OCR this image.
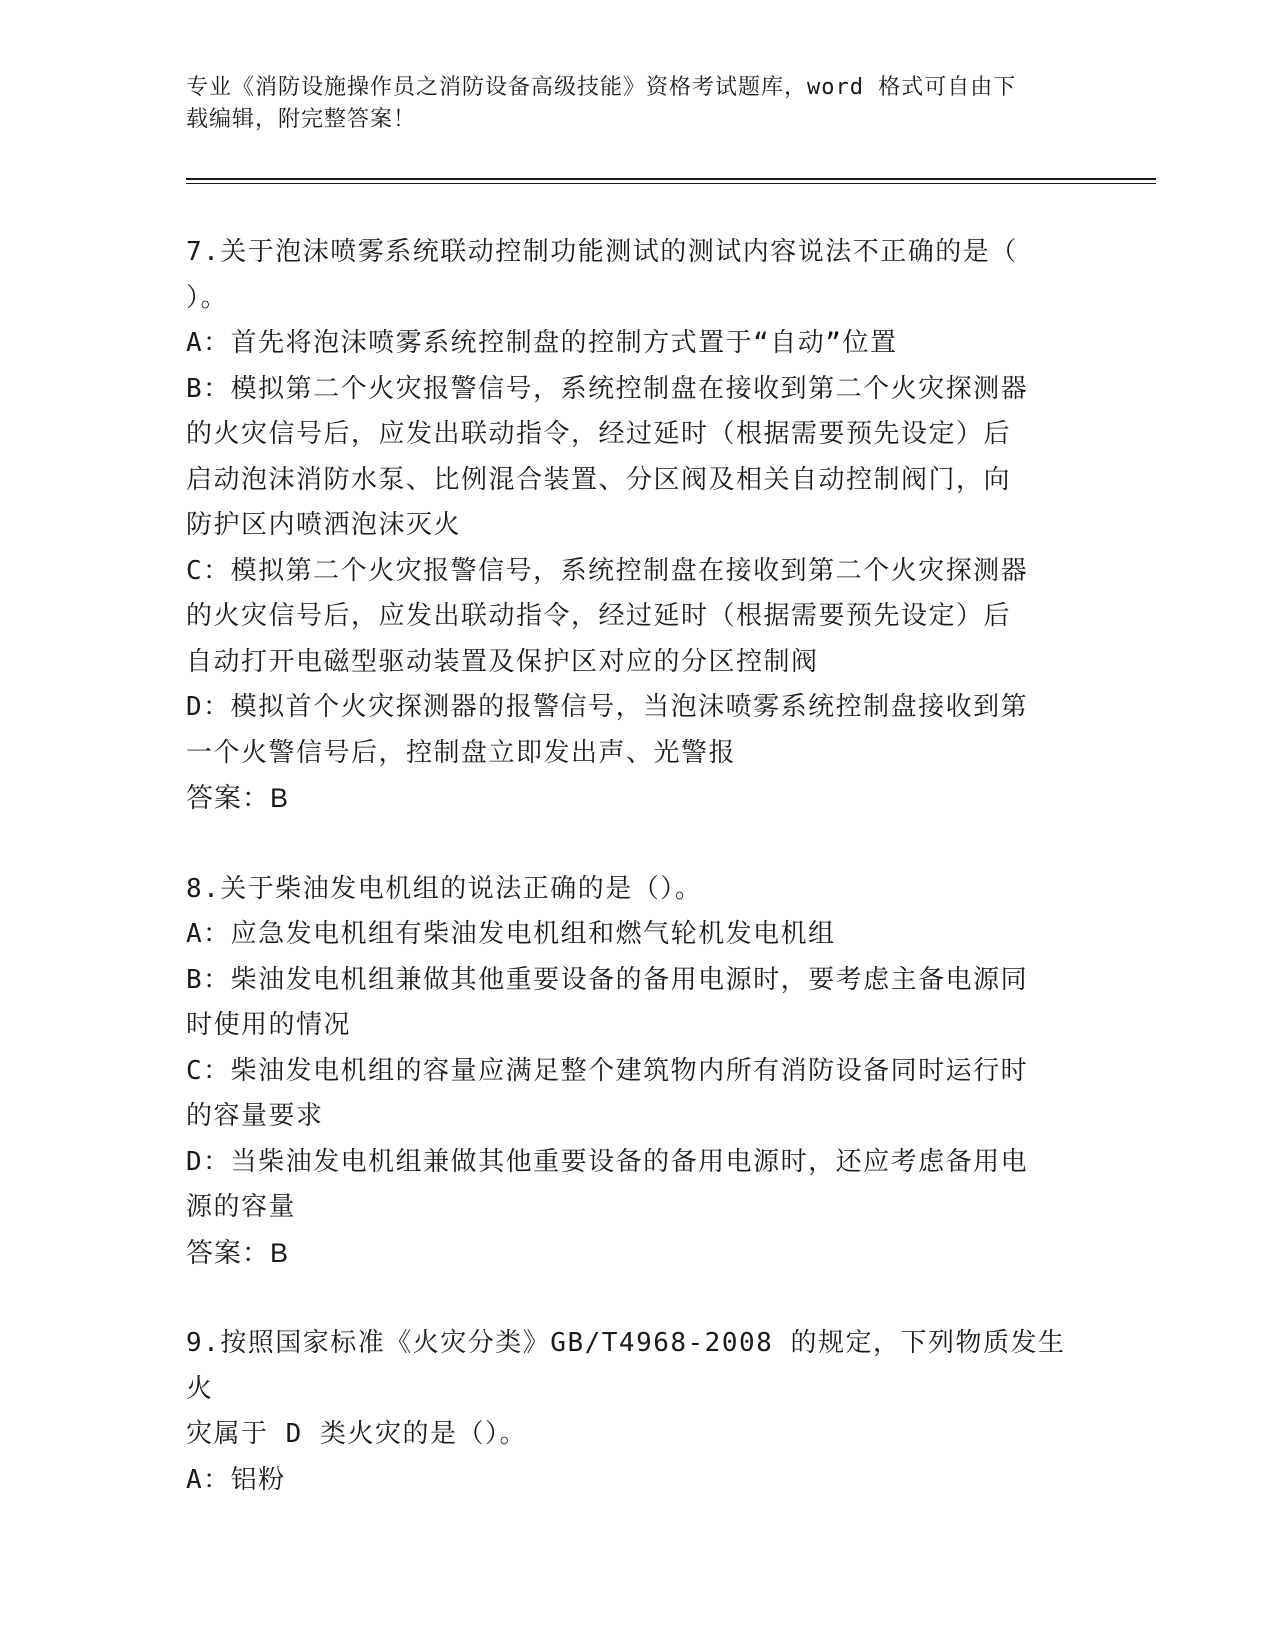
专业《消防设施操作员之消防设备高级技能》资格考试题库，word 格式可自由下
载编辑，附完整答案！
7.关于泡沫喷雾系统联动控制功能测试的测试内容说法不正确的是（
）。
A：首先将泡沫喷雾系统控制盘的控制方式置于“自动”位置
B：模拟第二个火灾报警信号，系统控制盘在接收到第二个火灾探测器
的火灾信号后，应发出联动指令，经过延时（根据需要预先设定）后
启动泡沫消防水泵、比例混合装置、分区阀及相关自动控制阀门，向
防护区内喷洒泡沫灭火
C：模拟第二个火灾报警信号，系统控制盘在接收到第二个火灾探测器
的火灾信号后，应发出联动指令，经过延时（根据需要预先设定）后
自动打开电磁型驱动装置及保护区对应的分区控制阀
D：模拟首个火灾探测器的报警信号，当泡沫喷雾系统控制盘接收到第
一个火警信号后，控制盘立即发出声、光警报
答案：B
8.关于柴油发电机组的说法正确的是（）。
A：应急发电机组有柴油发电机组和燃气轮机发电机组
B：柴油发电机组兼做其他重要设备的备用电源时，要考虑主备电源同
时使用的情况
C：柴油发电机组的容量应满足整个建筑物内所有消防设备同时运行时
的容量要求
D：当柴油发电机组兼做其他重要设备的备用电源时，还应考虑备用电
源的容量
答案：B
9.按照国家标准《火灾分类》GB/T4968-2008 的规定，下列物质发生火
灾属于 D 类火灾的是（）。
A：铝粉
